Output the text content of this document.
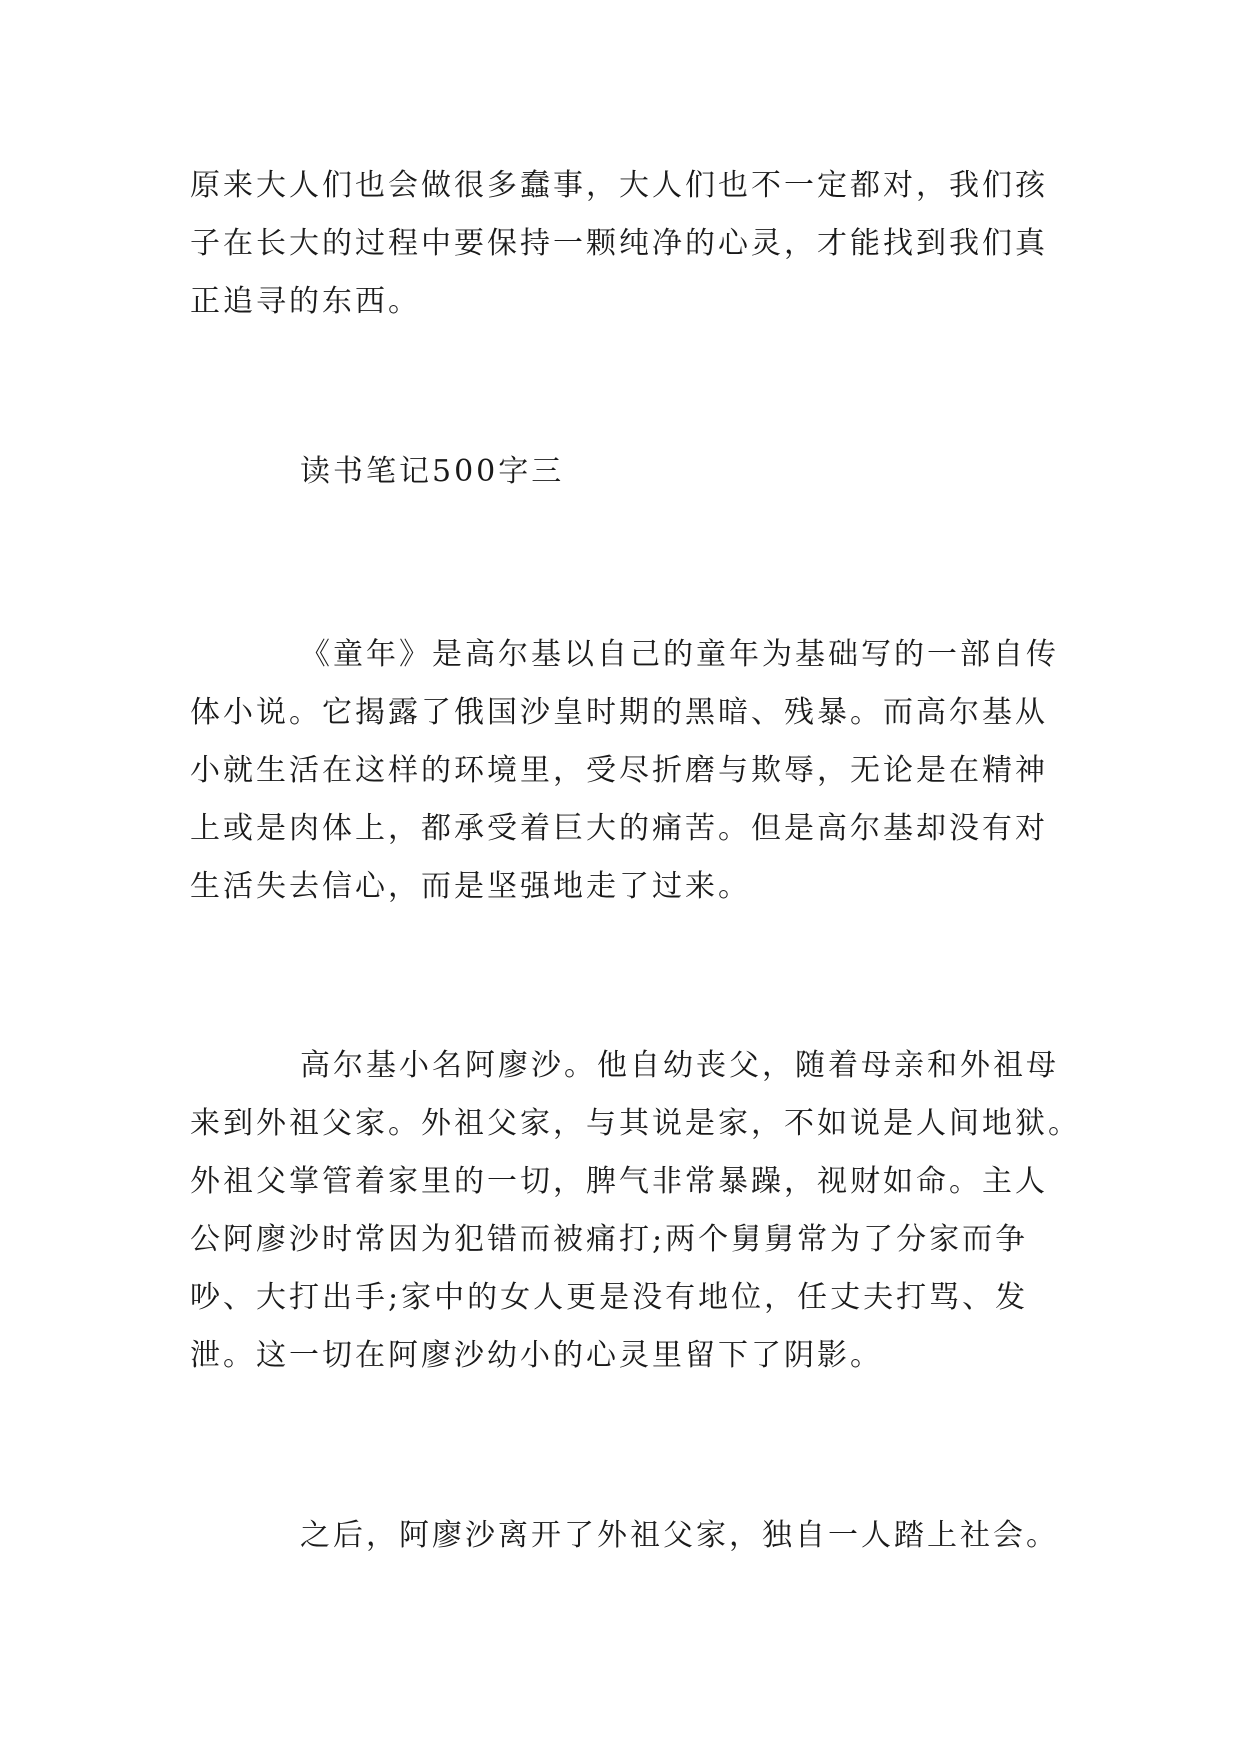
原来大人们也会做很多蠢事，大人们也不一定都对，我们孩
子在长大的过程中要保持一颗纯净的心灵，才能找到我们真
正追寻的东西。

读书笔记500字三

《童年》是高尔基以自己的童年为基础写的一部自传
体小说。它揭露了俄国沙皇时期的黑暗、残暴。而高尔基从
小就生活在这样的环境里，受尽折磨与欺辱，无论是在精神
上或是肉体上，都承受着巨大的痛苦。但是高尔基却没有对
生活失去信心，而是坚强地走了过来。

高尔基小名阿廖沙。他自幼丧父，随着母亲和外祖母
来到外祖父家。外祖父家，与其说是家，不如说是人间地狱。
外祖父掌管着家里的一切，脾气非常暴躁，视财如命。主人
公阿廖沙时常因为犯错而被痛打;两个舅舅常为了分家而争
吵、大打出手;家中的女人更是没有地位，任丈夫打骂、发
泄。这一切在阿廖沙幼小的心灵里留下了阴影。

之后，阿廖沙离开了外祖父家，独自一人踏上社会。
